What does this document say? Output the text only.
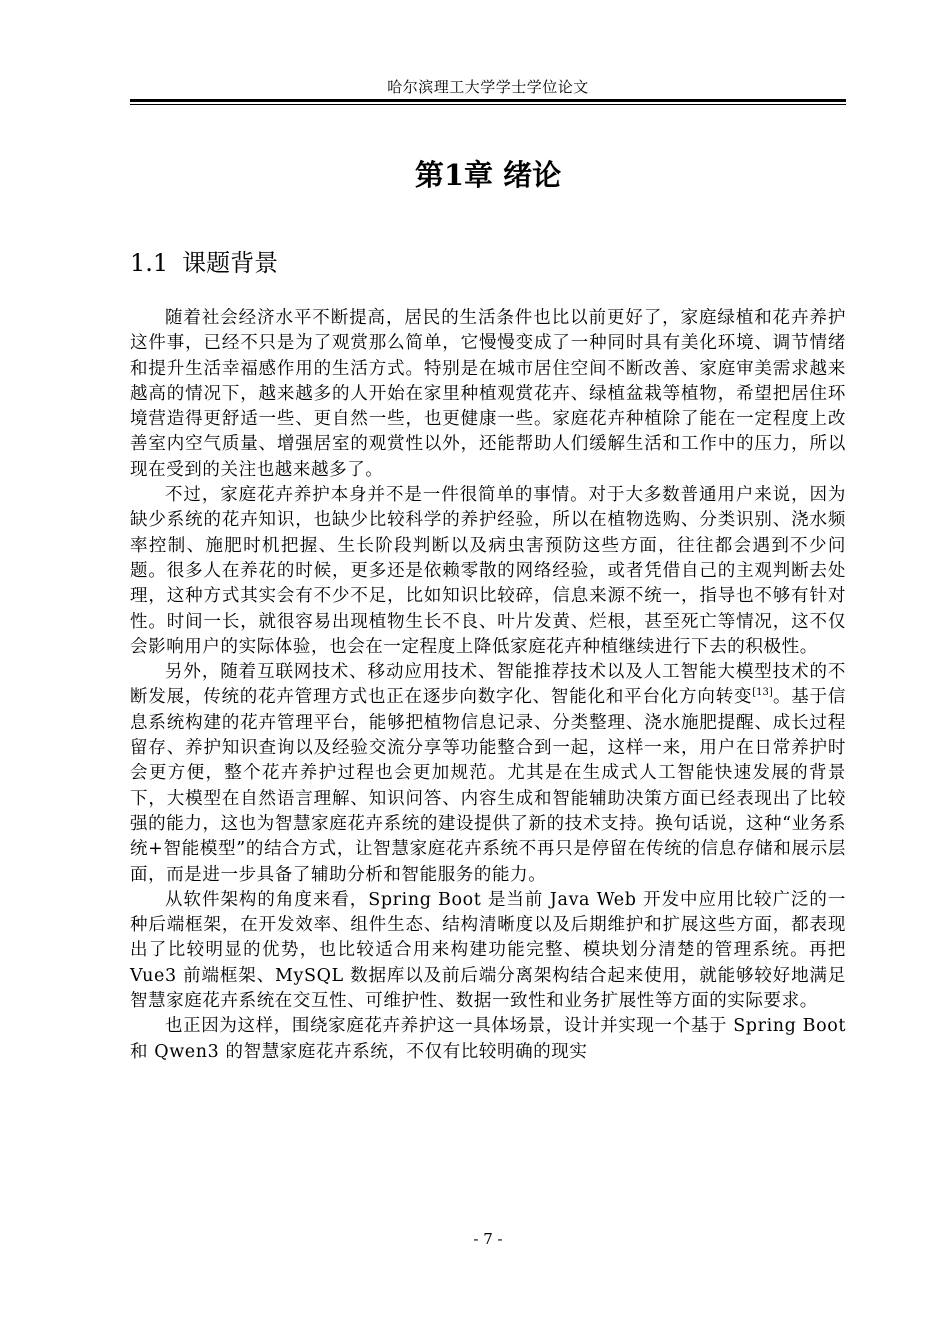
哈尔滨理工大学学士学位论文
第1章 绪论
1.1 课题背景

随着社会经济水平不断提高，居民的生活条件也比以前更好了，家庭绿植和花卉养护这件事，已经不只是为了观赏那么简单，它慢慢变成了一种同时具有美化环境、调节情绪和提升生活幸福感作用的生活方式。特别是在城市居住空间不断改善、家庭审美需求越来越高的情况下，越来越多的人开始在家里种植观赏花卉、绿植盆栽等植物，希望把居住环境营造得更舒适一些、更自然一些，也更健康一些。家庭花卉种植除了能在一定程度上改善室内空气质量、增强居室的观赏性以外，还能帮助人们缓解生活和工作中的压力，所以现在受到的关注也越来越多了。

不过，家庭花卉养护本身并不是一件很简单的事情。对于大多数普通用户来说，因为缺少系统的花卉知识，也缺少比较科学的养护经验，所以在植物选购、分类识别、浇水频率控制、施肥时机把握、生长阶段判断以及病虫害预防这些方面，往往都会遇到不少问题。很多人在养花的时候，更多还是依赖零散的网络经验，或者凭借自己的主观判断去处理，这种方式其实会有不少不足，比如知识比较碎，信息来源不统一，指导也不够有针对性。时间一长，就很容易出现植物生长不良、叶片发黄、烂根，甚至死亡等情况，这不仅会影响用户的实际体验，也会在一定程度上降低家庭花卉种植继续进行下去的积极性。

另外，随着互联网技术、移动应用技术、智能推荐技术以及人工智能大模型技术的不断发展，传统的花卉管理方式也正在逐步向数字化、智能化和平台化方向转变[13]。基于信息系统构建的花卉管理平台，能够把植物信息记录、分类整理、浇水施肥提醒、成长过程留存、养护知识查询以及经验交流分享等功能整合到一起，这样一来，用户在日常养护时会更方便，整个花卉养护过程也会更加规范。尤其是在生成式人工智能快速发展的背景下，大模型在自然语言理解、知识问答、内容生成和智能辅助决策方面已经表现出了比较强的能力，这也为智慧家庭花卉系统的建设提供了新的技术支持。换句话说，这种“业务系统+智能模型”的结合方式，让智慧家庭花卉系统不再只是停留在传统的信息存储和展示层面，而是进一步具备了辅助分析和智能服务的能力。

从软件架构的角度来看，Spring Boot 是当前 Java Web 开发中应用比较广泛的一种后端框架，在开发效率、组件生态、结构清晰度以及后期维护和扩展这些方面，都表现出了比较明显的优势，也比较适合用来构建功能完整、模块划分清楚的管理系统。再把 Vue3 前端框架、MySQL 数据库以及前后端分离架构结合起来使用，就能够较好地满足智慧家庭花卉系统在交互性、可维护性、数据一致性和业务扩展性等方面的实际要求。

也正因为这样，围绕家庭花卉养护这一具体场景，设计并实现一个基于 Spring Boot 和 Qwen3 的智慧家庭花卉系统，不仅有比较明确的现实

- 7 -
